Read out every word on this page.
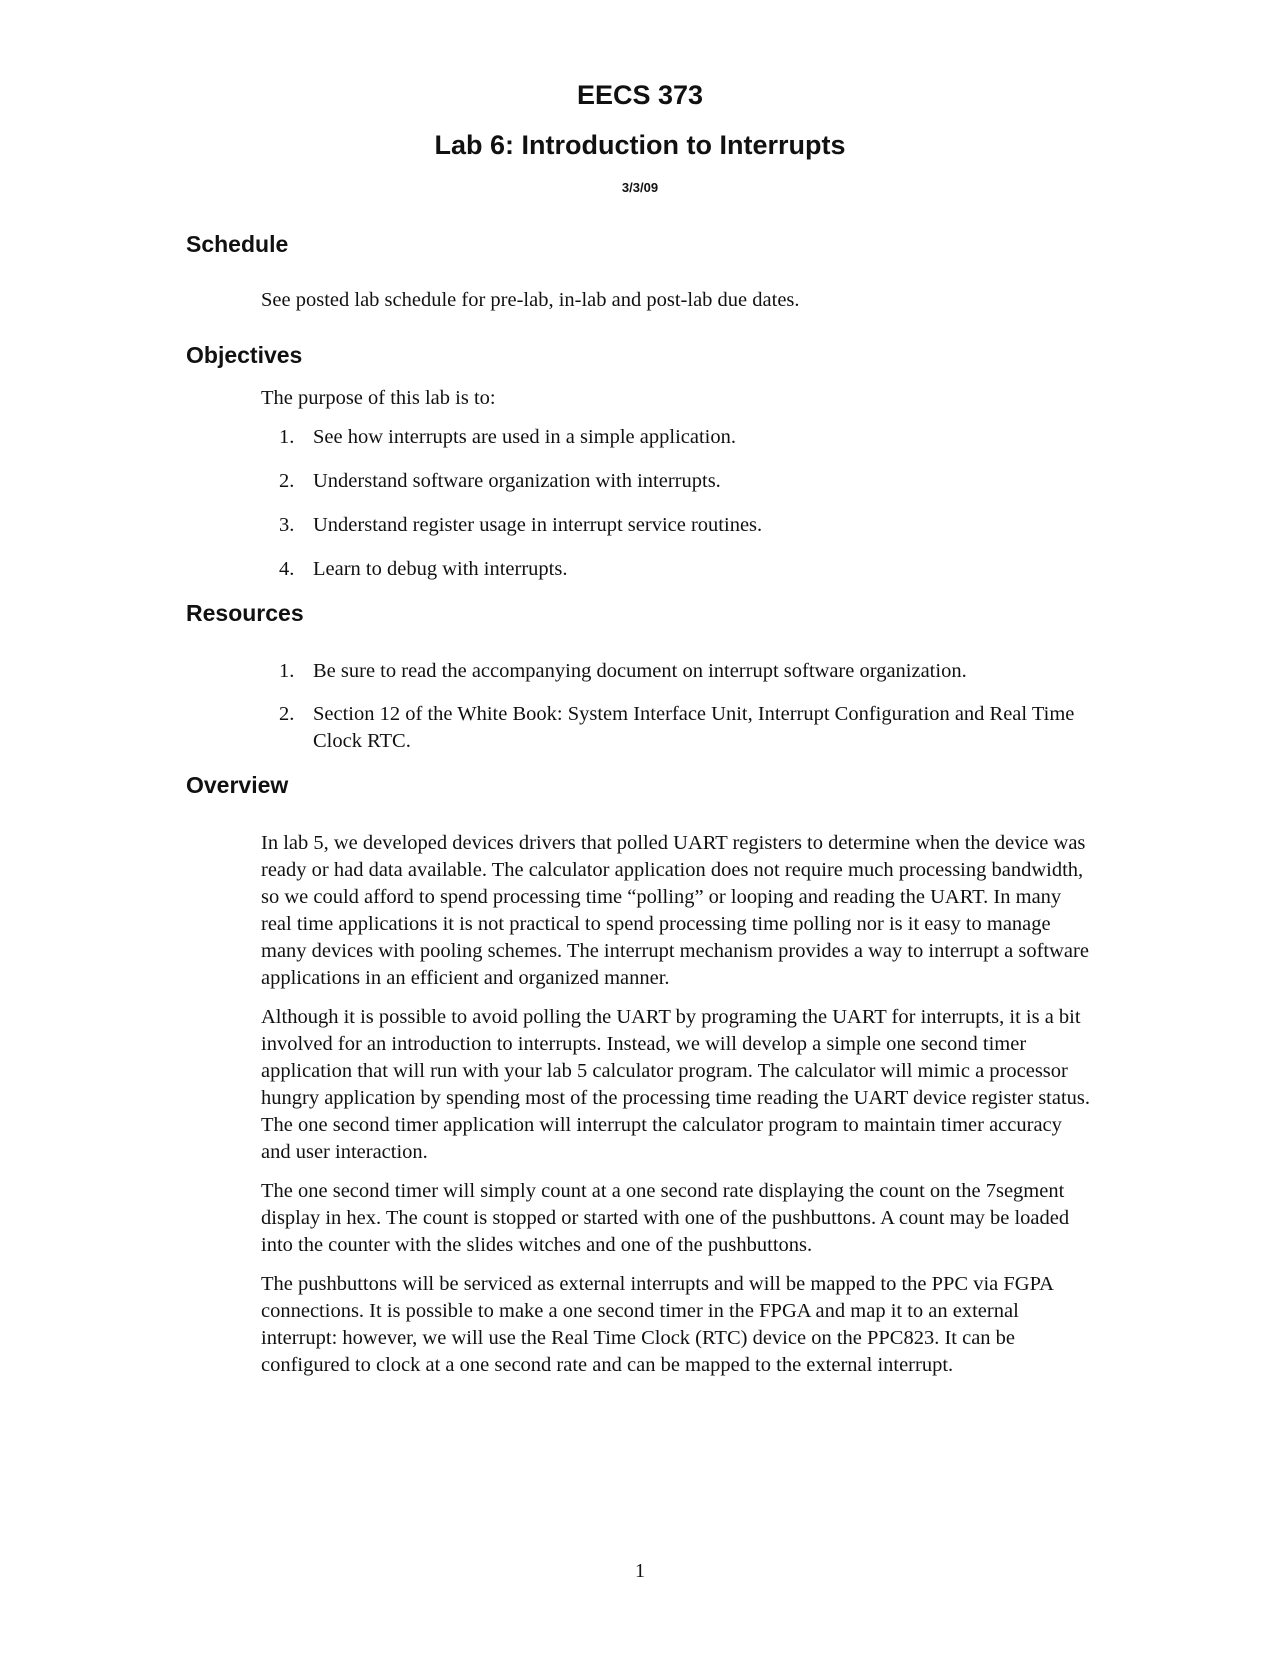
EECS 373
Lab 6: Introduction to Interrupts
3/3/09
Schedule

See posted lab schedule for pre-lab, in-lab and post-lab due dates.

Objectives

The purpose of this lab is to:

1. See how interrupts are used in a simple application.
2. Understand software organization with interrupts.
3. Understand register usage in interrupt service routines.
4. Learn to debug with interrupts.
Resources
1. Be sure to read the accompanying document on interrupt software organization.
2. Section 12 of the White Book: System Interface Unit, Interrupt Configuration and Real Time Clock RTC.
Overview

In lab 5, we developed devices drivers that polled UART registers to determine when the device was ready or had data available. The calculator application does not require much processing bandwidth, so we could afford to spend processing time “polling” or looping and reading the UART. In many real time applications it is not practical to spend processing time polling nor is it easy to manage many devices with pooling schemes. The interrupt mechanism provides a way to interrupt a software applications in an efficient and organized manner.

Although it is possible to avoid polling the UART by programing the UART for interrupts, it is a bit involved for an introduction to interrupts. Instead, we will develop a simple one second timer application that will run with your lab 5 calculator program. The calculator will mimic a processor hungry application by spending most of the processing time reading the UART device register status. The one second timer application will interrupt the calculator program to maintain timer accuracy and user interaction.

The one second timer will simply count at a one second rate displaying the count on the 7segment display in hex. The count is stopped or started with one of the pushbuttons. A count may be loaded into the counter with the slides witches and one of the pushbuttons.

The pushbuttons will be serviced as external interrupts and will be mapped to the PPC via FGPA connections. It is possible to make a one second timer in the FPGA and map it to an external interrupt: however, we will use the Real Time Clock (RTC) device on the PPC823. It can be configured to clock at a one second rate and can be mapped to the external interrupt.

1
